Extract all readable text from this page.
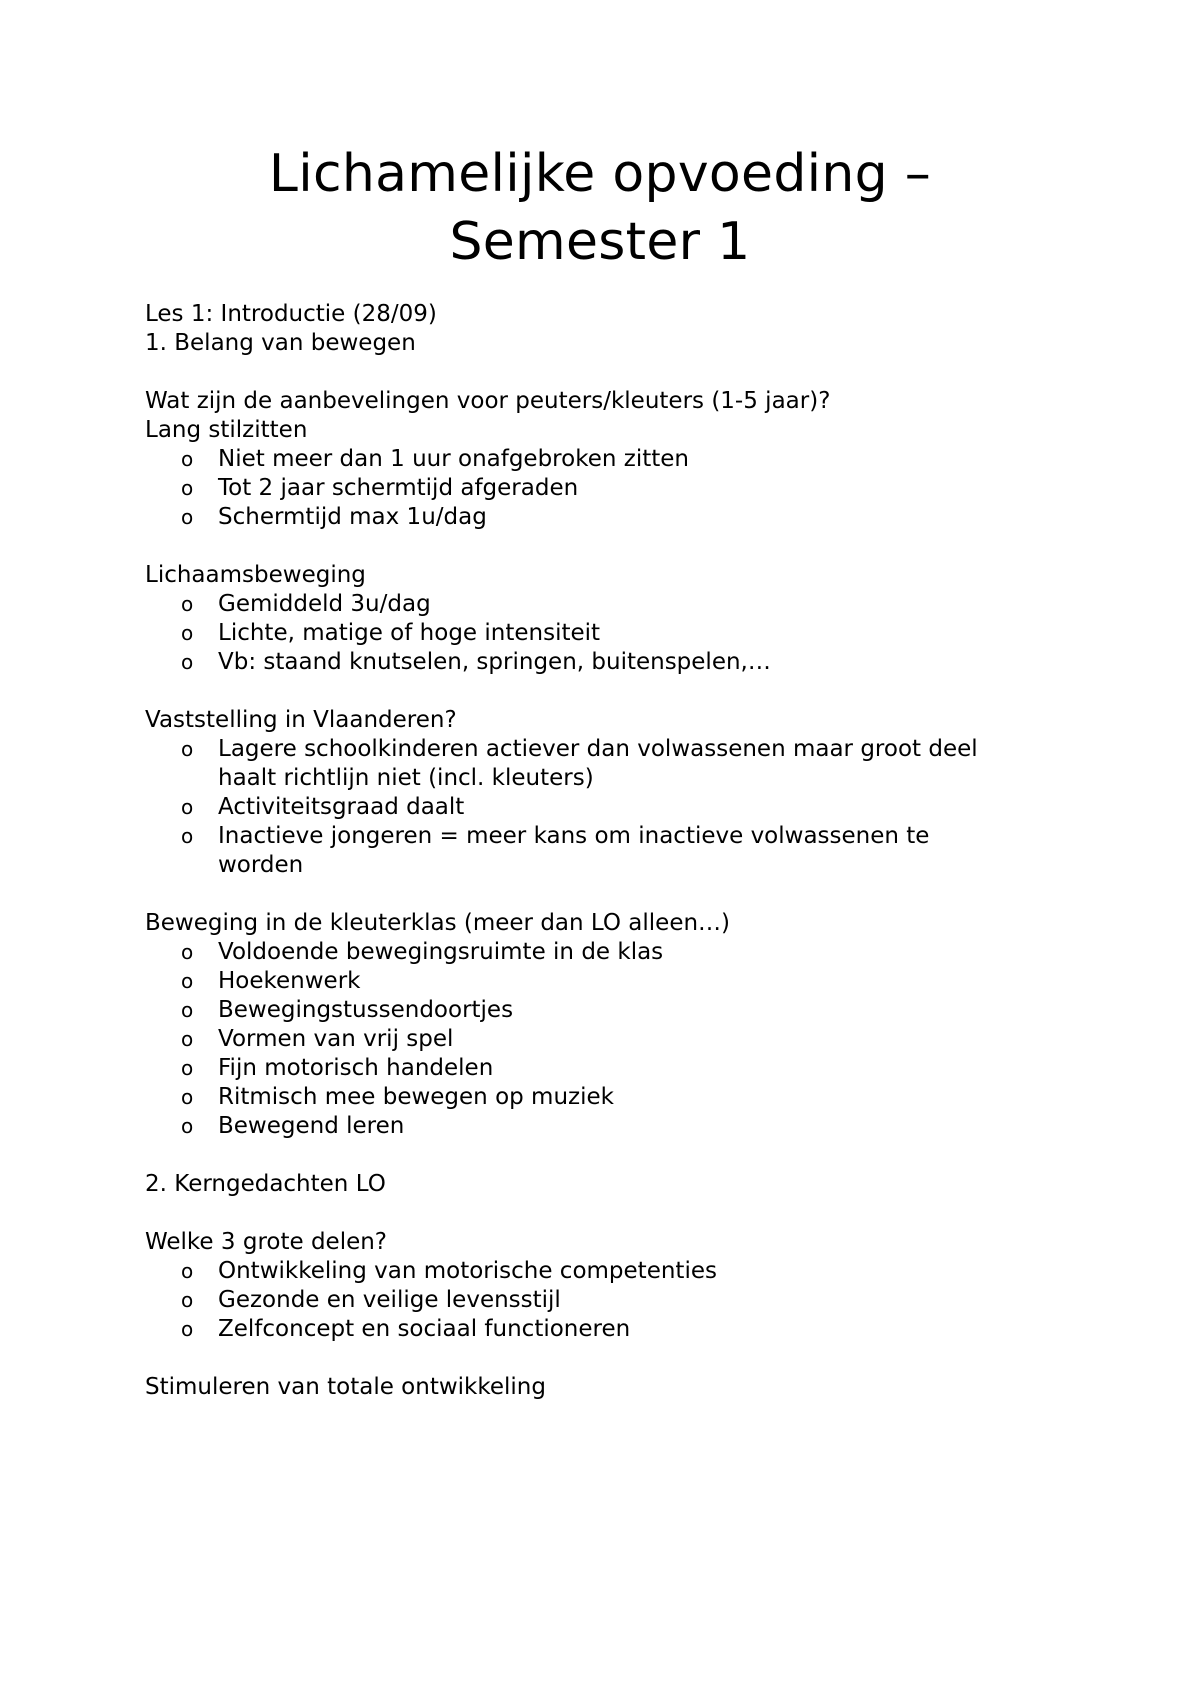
Lichamelijke opvoeding –
Semester 1

Les 1: Introductie (28/09)

1. Belang van bewegen

Wat zijn de aanbevelingen voor peuters/kleuters (1-5 jaar)?

Lang stilzitten

o Niet meer dan 1 uur onafgebroken zitten
o Tot 2 jaar schermtijd afgeraden
o Schermtijd max 1u/dag

Lichaamsbeweging

o Gemiddeld 3u/dag
o Lichte, matige of hoge intensiteit
o Vb: staand knutselen, springen, buitenspelen,…

Vaststelling in Vlaanderen?

o Lagere schoolkinderen actiever dan volwassenen maar groot deel haalt richtlijn niet (incl. kleuters)
o Activiteitsgraad daalt
o Inactieve jongeren = meer kans om inactieve volwassenen te worden

Beweging in de kleuterklas (meer dan LO alleen…)

o Voldoende bewegingsruimte in de klas
o Hoekenwerk
o Bewegingstussendoortjes
o Vormen van vrij spel
o Fijn motorisch handelen
o Ritmisch mee bewegen op muziek
o Bewegend leren

2. Kerngedachten LO

Welke 3 grote delen?

o Ontwikkeling van motorische competenties
o Gezonde en veilige levensstijl
o Zelfconcept en sociaal functioneren

Stimuleren van totale ontwikkeling
